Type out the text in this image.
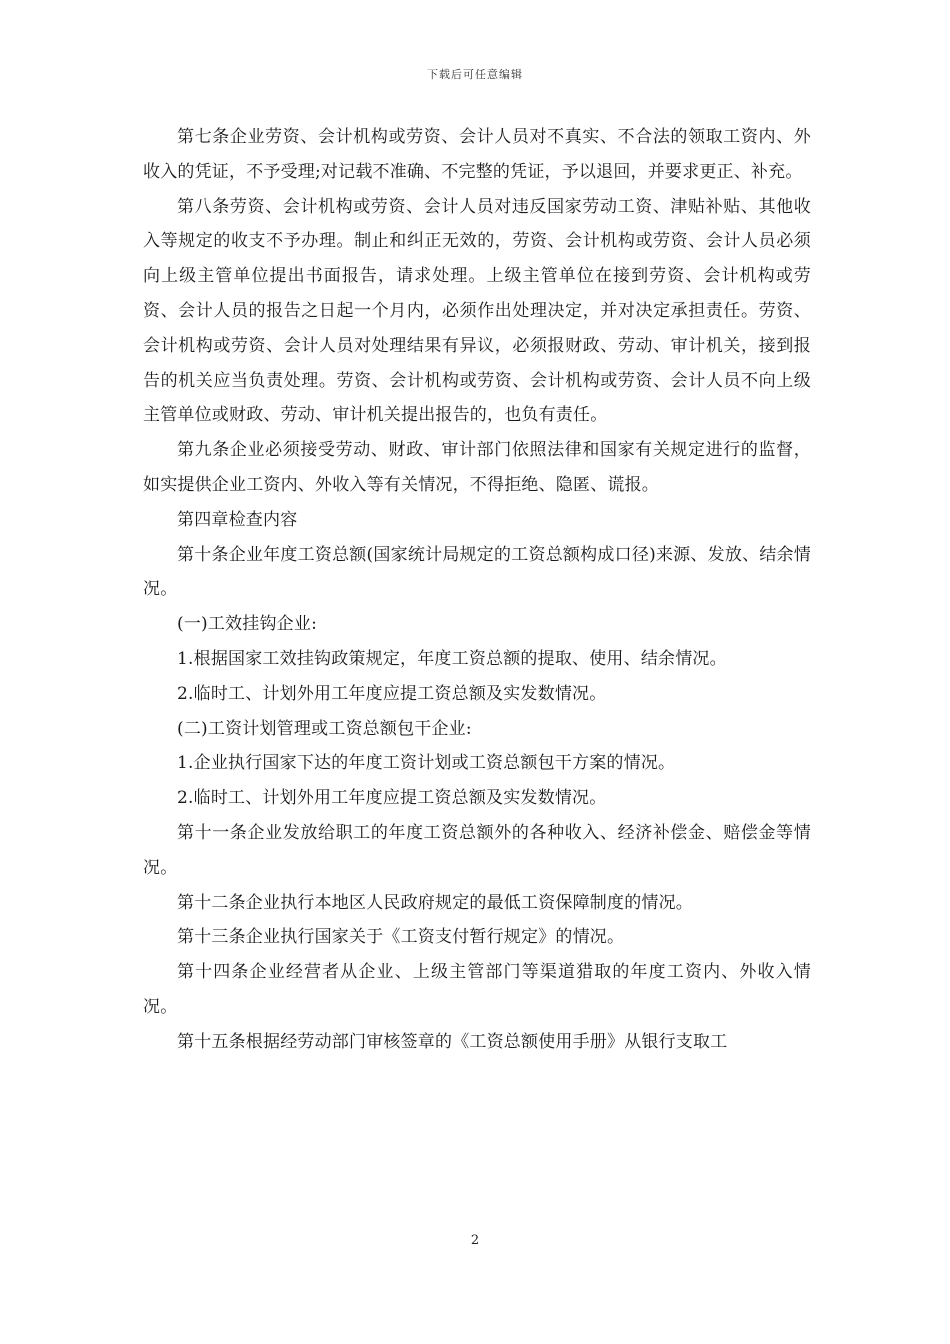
下载后可任意编辑

第七条企业劳资、会计机构或劳资、会计人员对不真实、不合法的领取工资内、外收入的凭证，不予受理;对记载不准确、不完整的凭证，予以退回，并要求更正、补充。

第八条劳资、会计机构或劳资、会计人员对违反国家劳动工资、津贴补贴、其他收入等规定的收支不予办理。制止和纠正无效的，劳资、会计机构或劳资、会计人员必须向上级主管单位提出书面报告，请求处理。上级主管单位在接到劳资、会计机构或劳资、会计人员的报告之日起一个月内，必须作出处理决定，并对决定承担责任。劳资、会计机构或劳资、会计人员对处理结果有异议，必须报财政、劳动、审计机关，接到报告的机关应当负责处理。劳资、会计机构或劳资、会计机构或劳资、会计人员不向上级主管单位或财政、劳动、审计机关提出报告的，也负有责任。

第九条企业必须接受劳动、财政、审计部门依照法律和国家有关规定进行的监督，如实提供企业工资内、外收入等有关情况，不得拒绝、隐匿、谎报。

第四章检查内容

第十条企业年度工资总额(国家统计局规定的工资总额构成口径)来源、发放、结余情况。

(一)工效挂钩企业:

1.根据国家工效挂钩政策规定，年度工资总额的提取、使用、结余情况。

2.临时工、计划外用工年度应提工资总额及实发数情况。

(二)工资计划管理或工资总额包干企业:

1.企业执行国家下达的年度工资计划或工资总额包干方案的情况。

2.临时工、计划外用工年度应提工资总额及实发数情况。

第十一条企业发放给职工的年度工资总额外的各种收入、经济补偿金、赔偿金等情况。

第十二条企业执行本地区人民政府规定的最低工资保障制度的情况。

第十三条企业执行国家关于《工资支付暂行规定》的情况。

第十四条企业经营者从企业、上级主管部门等渠道猎取的年度工资内、外收入情况。

第十五条根据经劳动部门审核签章的《工资总额使用手册》从银行支取工

2
